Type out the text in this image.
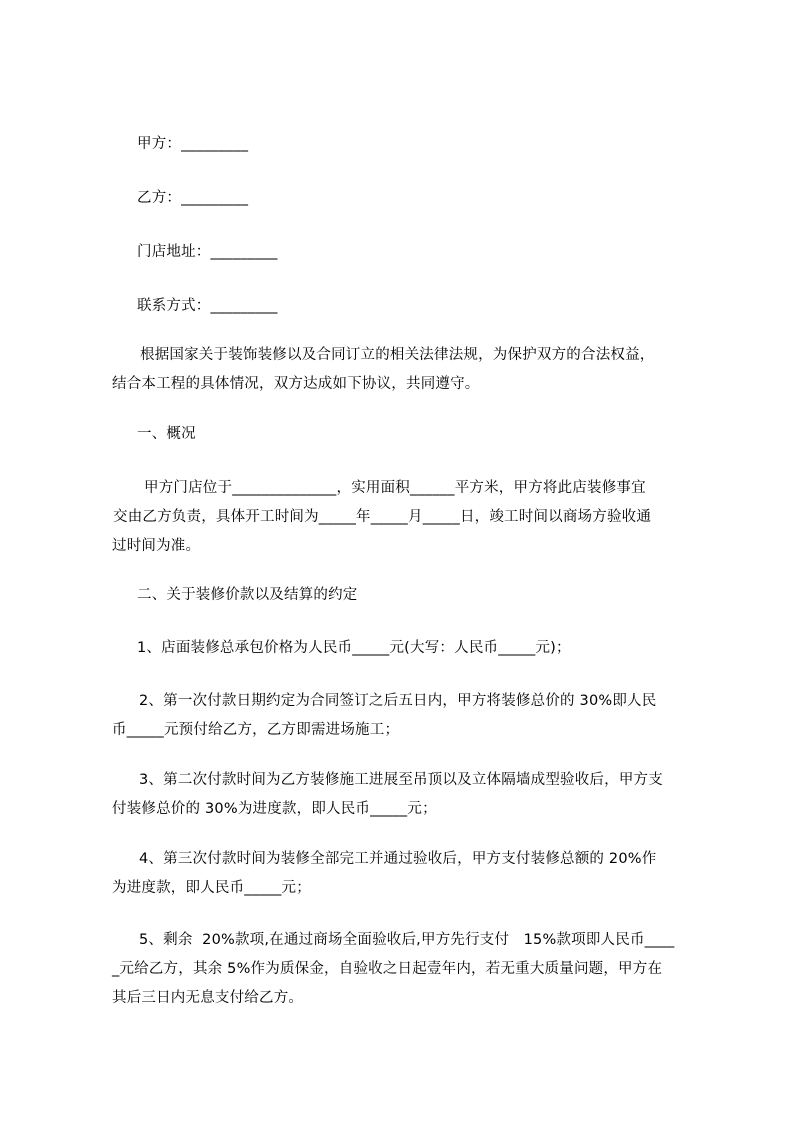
甲方：_________
乙方：_________
门店地址：_________
联系方式：_________
根据国家关于装饰装修以及合同订立的相关法律法规，为保护双方的合法权益，
结合本工程的具体情况，双方达成如下协议，共同遵守。
一、概况
甲方门店位于______________，实用面积______平方米，甲方将此店装修事宜
交由乙方负责，具体开工时间为_____年_____月_____日，竣工时间以商场方验收通
过时间为准。
二、关于装修价款以及结算的约定
1、店面装修总承包价格为人民币_____元(大写：人民币_____元)；
2、第一次付款日期约定为合同签订之后五日内，甲方将装修总价的 30%即人民
币_____元预付给乙方，乙方即需进场施工；
3、第二次付款时间为乙方装修施工进展至吊顶以及立体隔墙成型验收后，甲方支
付装修总价的 30%为进度款，即人民币_____元；
4、第三次付款时间为装修全部完工并通过验收后，甲方支付装修总额的 20%作
为进度款，即人民币_____元；
5、剩余  20%款项,在通过商场全面验收后,甲方先行支付   15%款项即人民币____
_元给乙方，其余 5%作为质保金，自验收之日起壹年内，若无重大质量问题，甲方在
其后三日内无息支付给乙方。
